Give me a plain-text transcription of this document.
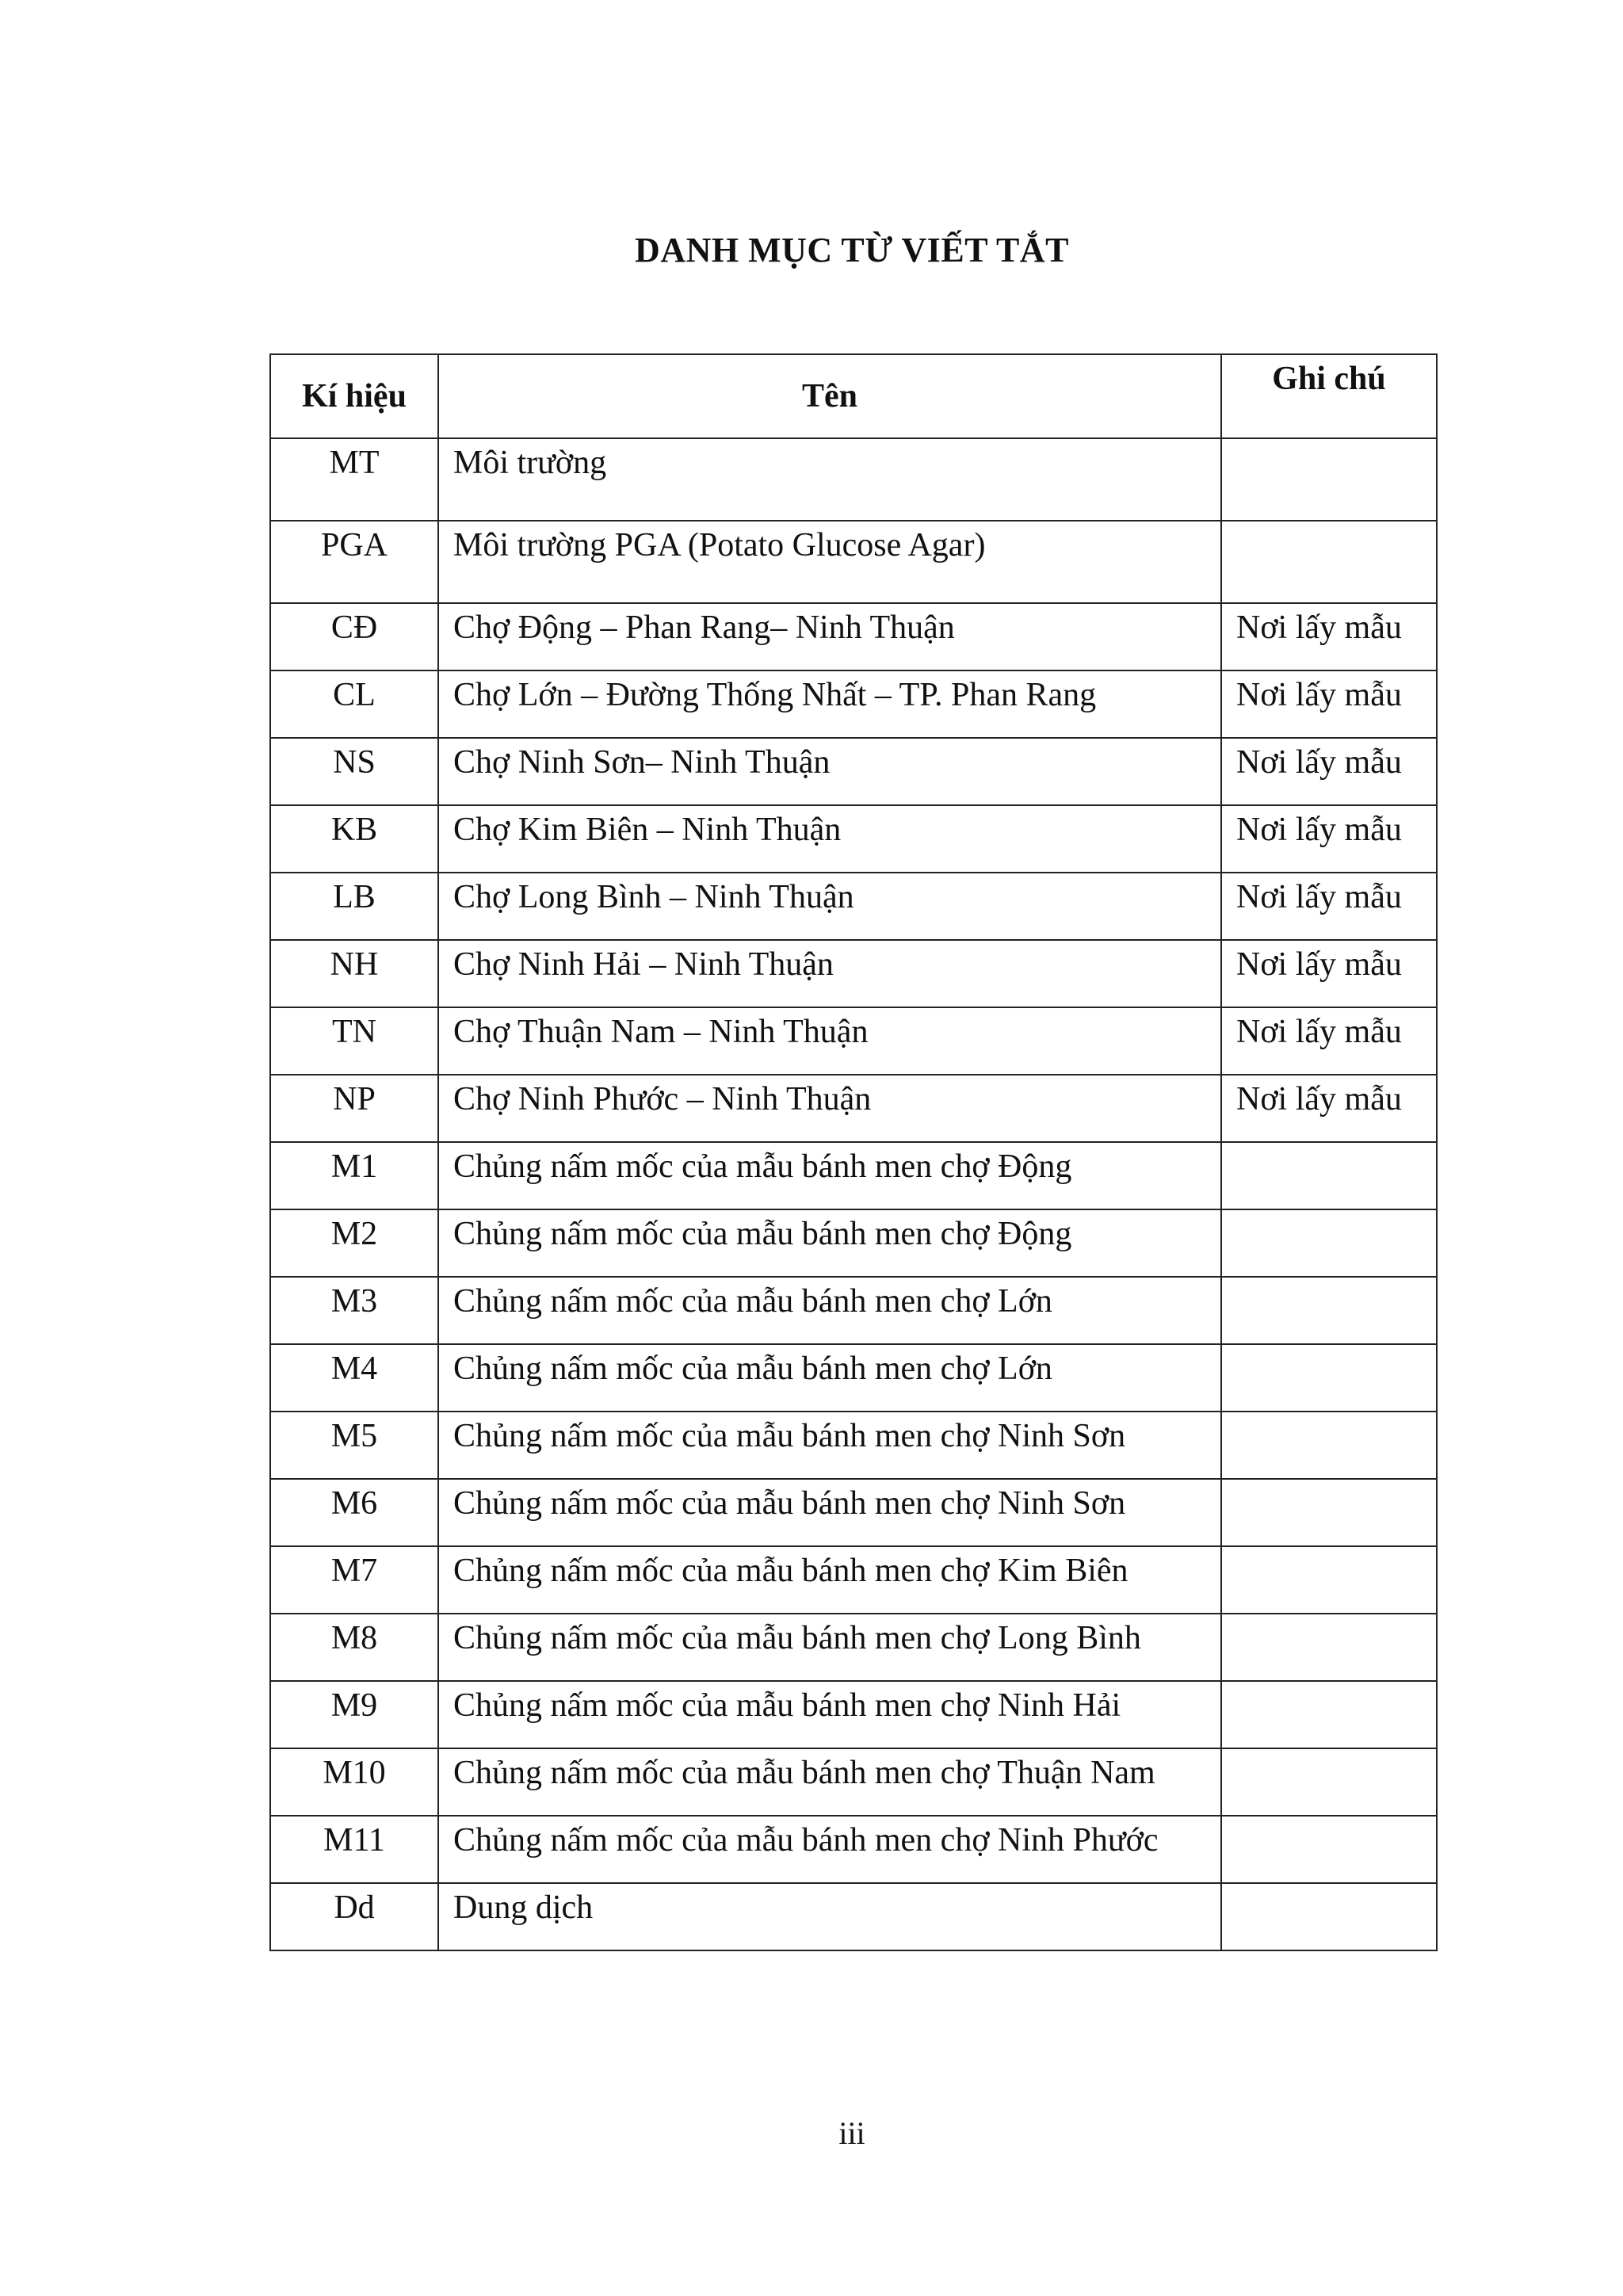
DANH MỤC TỪ VIẾT TẮT
Kí hiệu	Tên	Ghi chú
MT	Môi trường	
PGA	Môi trường PGA (Potato Glucose Agar)	
CĐ	Chợ Động – Phan Rang– Ninh Thuận	Nơi lấy mẫu
CL	Chợ Lớn – Đường Thống Nhất – TP. Phan Rang	Nơi lấy mẫu
NS	Chợ Ninh Sơn– Ninh Thuận	Nơi lấy mẫu
KB	Chợ Kim Biên – Ninh Thuận	Nơi lấy mẫu
LB	Chợ Long Bình – Ninh Thuận	Nơi lấy mẫu
NH	Chợ Ninh Hải – Ninh Thuận	Nơi lấy mẫu
TN	Chợ Thuận Nam – Ninh Thuận	Nơi lấy mẫu
NP	Chợ Ninh Phước – Ninh Thuận	Nơi lấy mẫu
M1	Chủng nấm mốc của mẫu bánh men chợ Động	
M2	Chủng nấm mốc của mẫu bánh men chợ Động	
M3	Chủng nấm mốc của mẫu bánh men chợ Lớn	
M4	Chủng nấm mốc của mẫu bánh men chợ Lớn	
M5	Chủng nấm mốc của mẫu bánh men chợ Ninh Sơn	
M6	Chủng nấm mốc của mẫu bánh men chợ Ninh Sơn	
M7	Chủng nấm mốc của mẫu bánh men chợ Kim Biên	
M8	Chủng nấm mốc của mẫu bánh men chợ Long Bình	
M9	Chủng nấm mốc của mẫu bánh men chợ Ninh Hải	
M10	Chủng nấm mốc của mẫu bánh men chợ Thuận Nam	
M11	Chủng nấm mốc của mẫu bánh men chợ Ninh Phước	
Dd	Dung dịch	
iii
